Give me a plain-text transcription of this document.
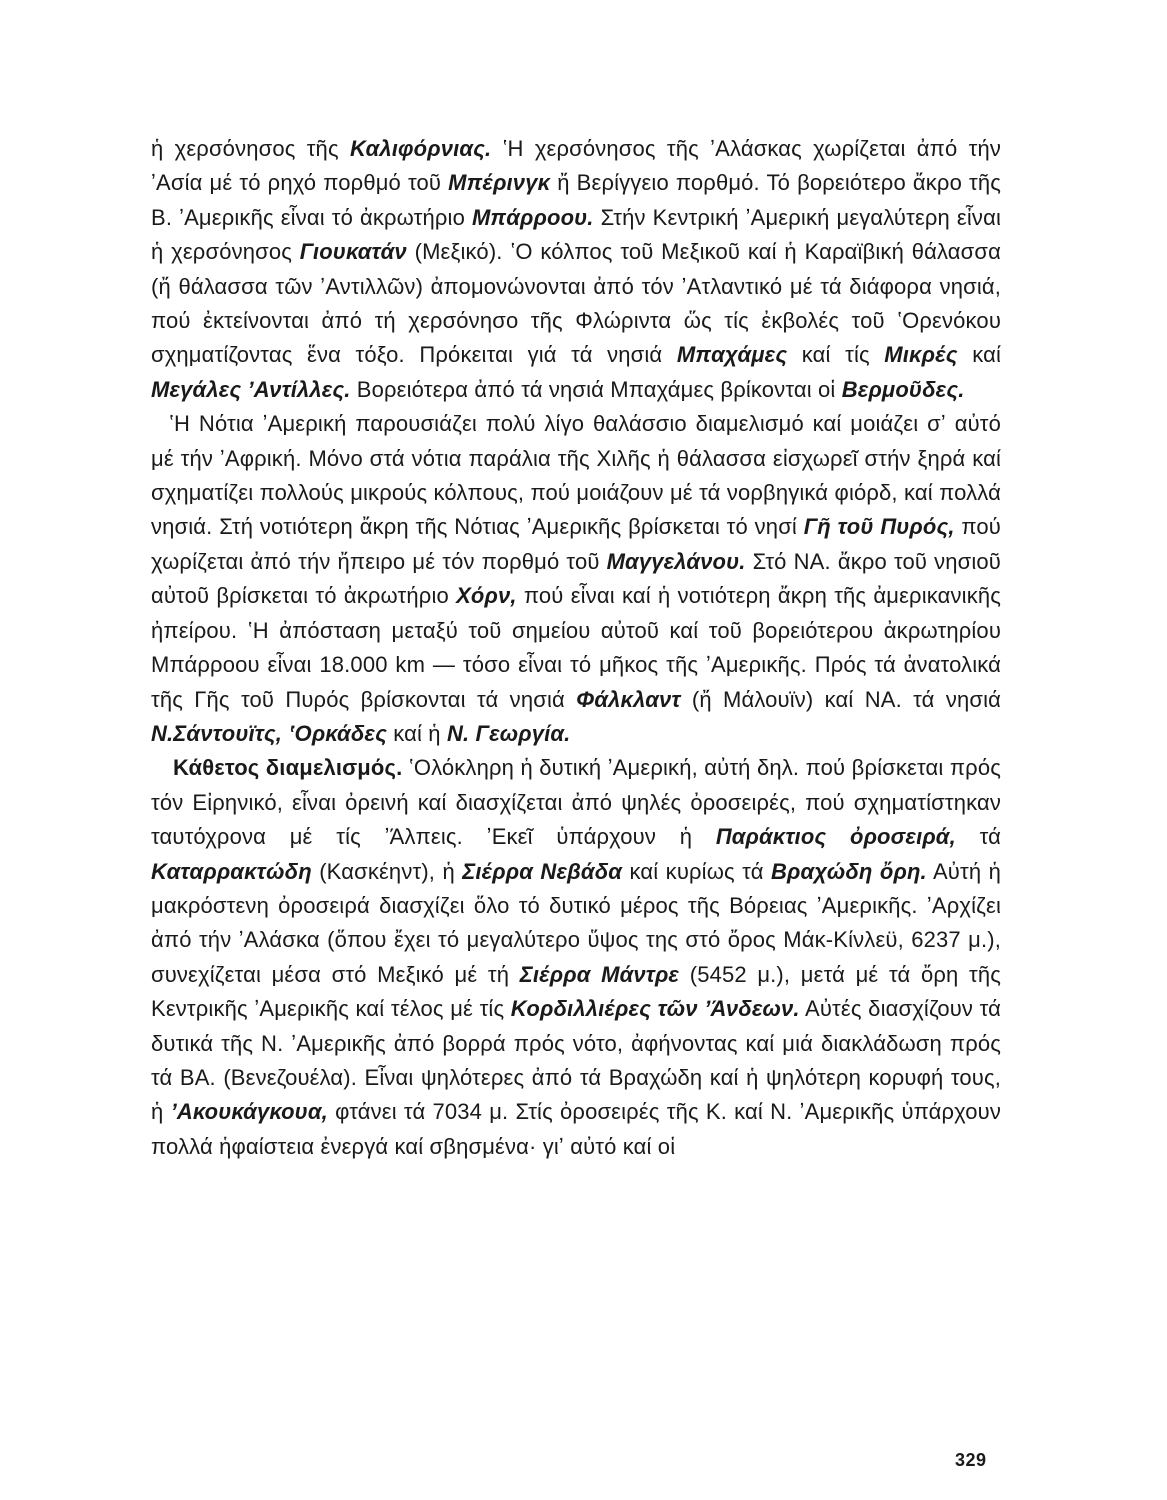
ἡ χερσόνησος τῆς Καλιφόρνιας. ʽΗ χερσόνησος τῆς ʼΑλάσκας χωρίζεται ἀπό τήν ʼΑσία μέ τό ρηχό πορθμό τοῦ Μπέρινγκ ἤ Βερίγγειο πορθμό. Τό βορειότερο ἄκρο τῆς Β. ʼΑμερικῆς εἶναι τό ἀκρωτήριο Μπάρροου. Στήν Κεντρική ʼΑμερική μεγαλύτερη εἶναι ἡ χερσόνησος Γιουκατάν (Μεξικό). ʽΟ κόλπος τοῦ Μεξικοῦ καί ἡ Καραϊβική θάλασσα (ἤ θάλασσα τῶν ʼΑντιλλῶν) ἀπομονώνονται ἀπό τόν ʼΑτλαντικό μέ τά διάφορα νησιά, πού ἐκτείνονται ἀπό τή χερσόνησο τῆς Φλώριντα ὥς τίς ἐκβολές τοῦ ʽΟρενόκου σχηματίζοντας ἕνα τόξο. Πρόκειται γιά τά νησιά Μπαχάμες καί τίς Μικρές καί Μεγάλες ʼΑντίλλες. Βορειότερα ἀπό τά νησιά Μπαχάμες βρίκονται οἱ Βερμοῦδες.

ʽΗ Νότια ʼΑμερική παρουσιάζει πολύ λίγο θαλάσσιο διαμελισμό καί μοιάζει σʼ αὐτό μέ τήν ʼΑφρική. Μόνο στά νότια παράλια τῆς Χιλῆς ἡ θάλασσα εἰσχωρεῖ στήν ξηρά καί σχηματίζει πολλούς μικρούς κόλπους, πού μοιάζουν μέ τά νορβηγικά φιόρδ, καί πολλά νησιά. Στή νοτιότερη ἄκρη τῆς Νότιας ʼΑμερικῆς βρίσκεται τό νησί Γῆ τοῦ Πυρός, πού χωρίζεται ἀπό τήν ἤπειρο μέ τόν πορθμό τοῦ Μαγγελάνου. Στό ΝΑ. ἄκρο τοῦ νησιοῦ αὐτοῦ βρίσκεται τό ἀκρωτήριο Χόρν, πού εἶναι καί ἡ νοτιότερη ἄκρη τῆς ἀμερικανικῆς ἠπείρου. ʽΗ ἀπόσταση μεταξύ τοῦ σημείου αὐτοῦ καί τοῦ βορειότερου ἀκρωτηρίου Μπάρροου εἶναι 18.000 km — τόσο εἶναι τό μῆκος τῆς ʼΑμερικῆς. Πρός τά ἀνατολικά τῆς Γῆς τοῦ Πυρός βρίσκονται τά νησιά Φάλκλαντ (ἤ Μάλουϊν) καί ΝΑ. τά νησιά Ν.Σάντουϊτς, ʽΟρκάδες καί ἡ Ν. Γεωργία.

Κάθετος διαμελισμός. ʽΟλόκληρη ἡ δυτική ʼΑμερική, αὐτή δηλ. πού βρίσκεται πρός τόν Εἰρηνικό, εἶναι ὀρεινή καί διασχίζεται ἀπό ψηλές ὀροσειρές, πού σχηματίστηκαν ταυτόχρονα μέ τίς ʼΆλπεις. ʼΕκεῖ ὑπάρχουν ἡ Παράκτιος ὀροσειρά, τά Καταρρακτώδη (Κασκέηντ), ἡ Σιέρρα Νεβάδα καί κυρίως τά Βραχώδη ὄρη. Αὐτή ἡ μακρόστενη ὀροσειρά διασχίζει ὅλο τό δυτικό μέρος τῆς Βόρειας ʼΑμερικῆς. ʼΑρχίζει ἀπό τήν ʼΑλάσκα (ὅπου ἔχει τό μεγαλύτερο ὕψος της στό ὄρος Μάκ-Κίνλεϋ, 6237 μ.), συνεχίζεται μέσα στό Μεξικό μέ τή Σιέρρα Μάντρε (5452 μ.), μετά μέ τά ὄρη τῆς Κεντρικῆς ʼΑμερικῆς καί τέλος μέ τίς Κορδιλλιέρες τῶν ʼΆνδεων. Αὐτές διασχίζουν τά δυτικά τῆς Ν. ʼΑμερικῆς ἀπό βορρά πρός νότο, ἀφήνοντας καί μιά διακλάδωση πρός τά ΒΑ. (Βενεζουέλα). Εἶναι ψηλότερες ἀπό τά Βραχώδη καί ἡ ψηλότερη κορυφή τους, ἡ ʼΑκουκάγκουα, φτάνει τά 7034 μ. Στίς ὀροσειρές τῆς Κ. καί Ν. ʼΑμερικῆς ὑπάρχουν πολλά ἡφαίστεια ἐνεργά καί σβησμένα· γιʼ αὐτό καί οἱ

329
